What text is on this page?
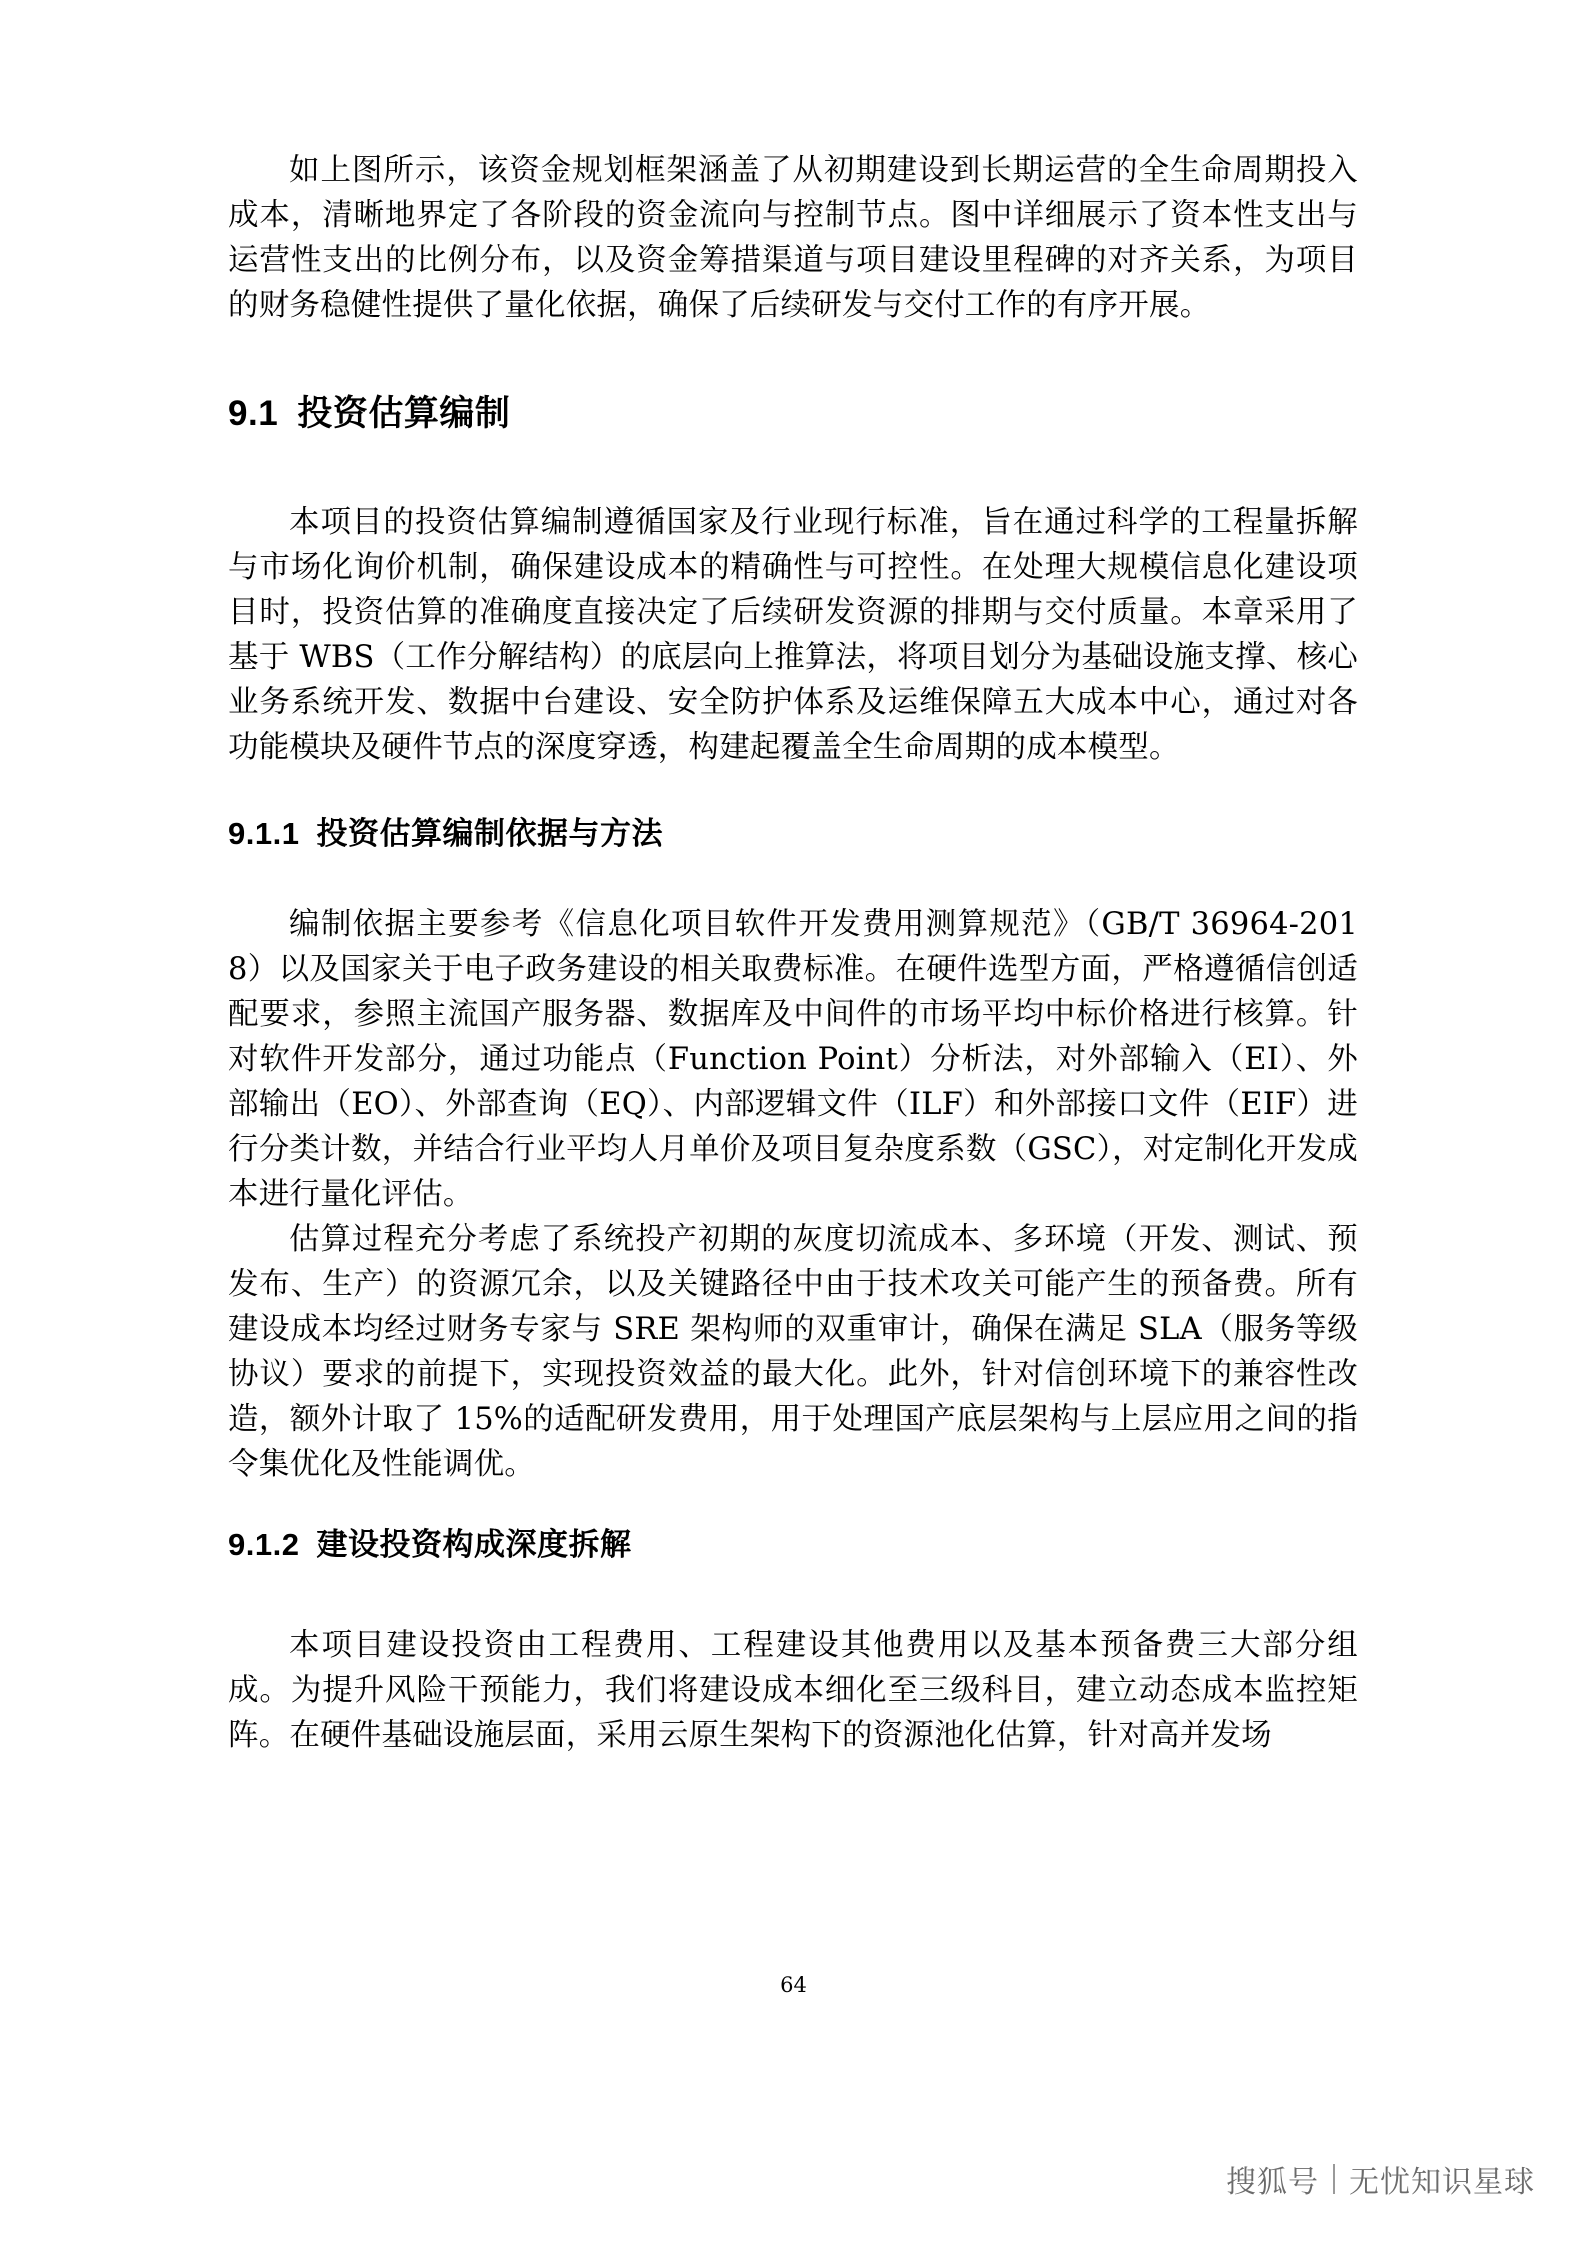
如上图所示，该资金规划框架涵盖了从初期建设到长期运营的全生命周期投入成本，清晰地界定了各阶段的资金流向与控制节点。图中详细展示了资本性支出与运营性支出的比例分布，以及资金筹措渠道与项目建设里程碑的对齐关系，为项目的财务稳健性提供了量化依据，确保了后续研发与交付工作的有序开展。

9.1 投资估算编制

本项目的投资估算编制遵循国家及行业现行标准，旨在通过科学的工程量拆解与市场化询价机制，确保建设成本的精确性与可控性。在处理大规模信息化建设项目时，投资估算的准确度直接决定了后续研发资源的排期与交付质量。本章采用了基于 WBS（工作分解结构）的底层向上推算法，将项目划分为基础设施支撑、核心业务系统开发、数据中台建设、安全防护体系及运维保障五大成本中心，通过对各功能模块及硬件节点的深度穿透，构建起覆盖全生命周期的成本模型。

9.1.1 投资估算编制依据与方法

编制依据主要参考《信息化项目软件开发费用测算规范》（GB/T 36964-2018）以及国家关于电子政务建设的相关取费标准。在硬件选型方面，严格遵循信创适配要求，参照主流国产服务器、数据库及中间件的市场平均中标价格进行核算。针对软件开发部分，通过功能点（Function Point）分析法，对外部输入（EI）、外部输出（EO）、外部查询（EQ）、内部逻辑文件（ILF）和外部接口文件（EIF）进行分类计数，并结合行业平均人月单价及项目复杂度系数（GSC），对定制化开发成本进行量化评估。

估算过程充分考虑了系统投产初期的灰度切流成本、多环境（开发、测试、预发布、生产）的资源冗余，以及关键路径中由于技术攻关可能产生的预备费。所有建设成本均经过财务专家与 SRE 架构师的双重审计，确保在满足 SLA（服务等级协议）要求的前提下，实现投资效益的最大化。此外，针对信创环境下的兼容性改造，额外计取了 15%的适配研发费用，用于处理国产底层架构与上层应用之间的指令集优化及性能调优。

9.1.2 建设投资构成深度拆解

本项目建设投资由工程费用、工程建设其他费用以及基本预备费三大部分组成。为提升风险干预能力，我们将建设成本细化至三级科目，建立动态成本监控矩阵。在硬件基础设施层面，采用云原生架构下的资源池化估算，针对高并发场

64
搜狐号 无忧知识星球
